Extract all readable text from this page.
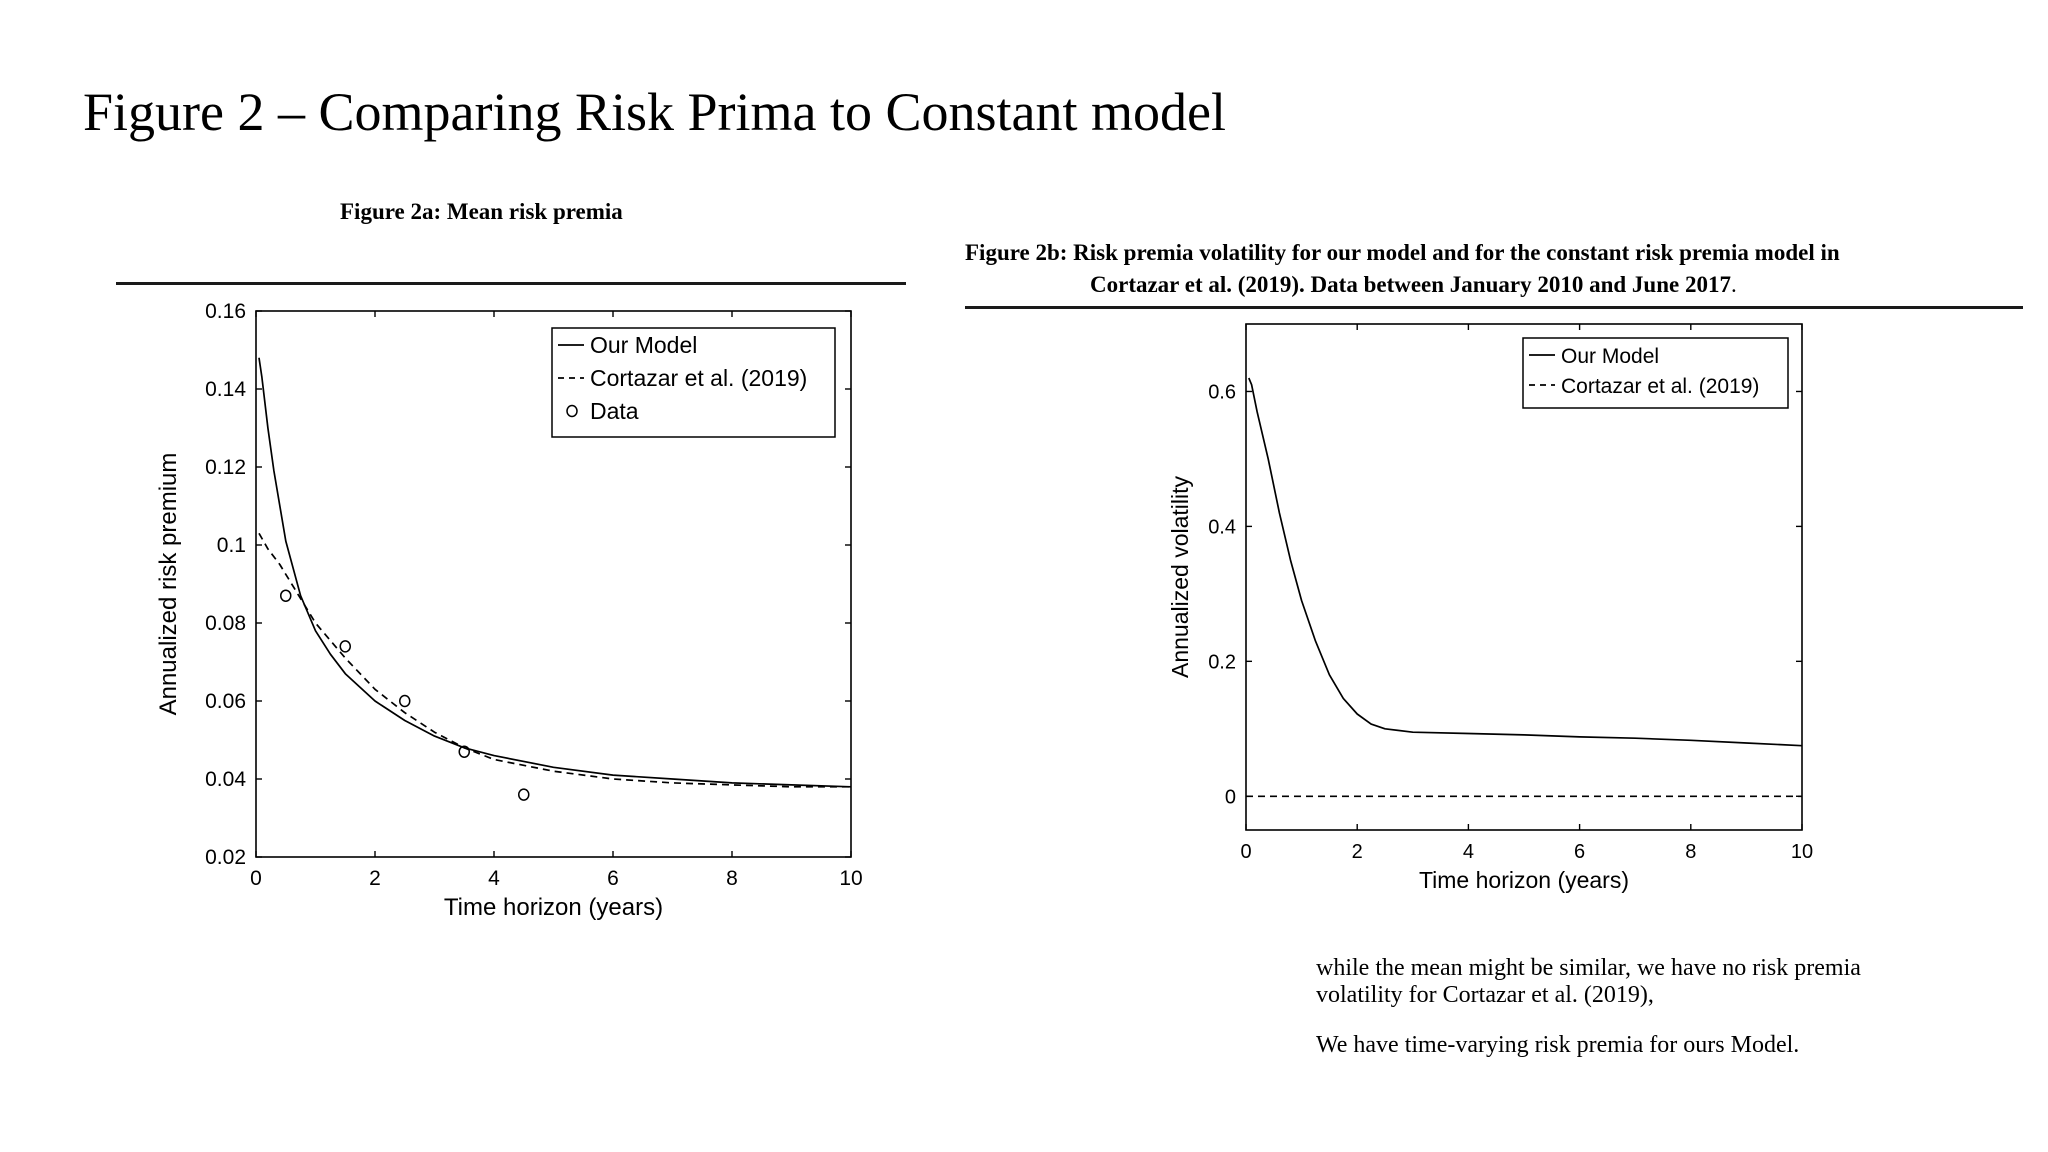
Figure 2 – Comparing Risk Prima to Constant model
Figure 2a: Mean risk premia
Figure 2b: Risk premia volatility for our model and for the constant risk premia model in
Cortazar et al. (2019). Data between January 2010 and June 2017.
0	2	4	6	8	10
0.02
0.04
0.06
0.08
0.1
0.12
0.14
0.16
Time horizon (years)
Annualized risk premium
Our Model
Cortazar et al. (2019)
Data
0	2	4	6	8	10
0
0.2
0.4
0.6
Time horizon (years)
Annualized volatility
Our Model
Cortazar et al. (2019)
while the mean might be similar, we have no risk premia volatility for Cortazar et al. (2019),
We have time-varying risk premia for ours Model.
